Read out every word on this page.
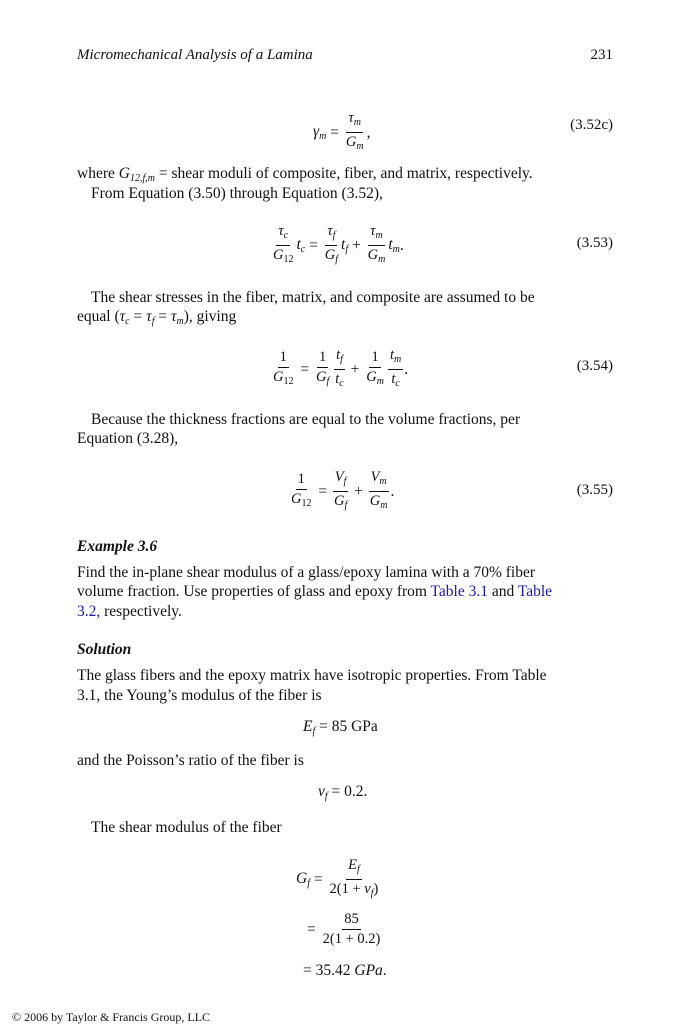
Micromechanical Analysis of a Lamina	231
$\gamma_m = \frac{\tau_m}{G_m}$ ,	(3.52c)
where $G_{12,f,m}$ = shear moduli of composite, fiber, and matrix, respectively.
From Equation (3.50) through Equation (3.52),
$\frac{\tau_c}{G_{12}} t_c = \frac{\tau_f}{G_f} t_f + \frac{\tau_m}{G_m} t_m$ .	(3.53)
The shear stresses in the fiber, matrix, and composite are assumed to be
equal $(\tau_c = \tau_f = \tau_m)$, giving
$\frac{1}{G_{12}} = \frac{1}{G_f} \frac{t_f}{t_c} + \frac{1}{G_m} \frac{t_m}{t_c}$ .	(3.54)
Because the thickness fractions are equal to the volume fractions, per
Equation (3.28),
$\frac{1}{G_{12}} = \frac{V_f}{G_f} + \frac{V_m}{G_m}$ .	(3.55)
Example 3.6
Find the in-plane shear modulus of a glass/epoxy lamina with a 70% fiber
volume fraction. Use properties of glass and epoxy from Table 3.1 and Table
3.2, respectively.
Solution
The glass fibers and the epoxy matrix have isotropic properties. From Table
3.1, the Young’s modulus of the fiber is
$E_f = 85$ GPa
and the Poisson’s ratio of the fiber is
$\nu_f = 0.2$.
The shear modulus of the fiber
$G_f = \frac{E_f}{2(1 + \nu_f)}$
= $\frac{85}{2(1 + 0.2)}$
= 35.42 GPa.
© 2006 by Taylor & Francis Group, LLC
